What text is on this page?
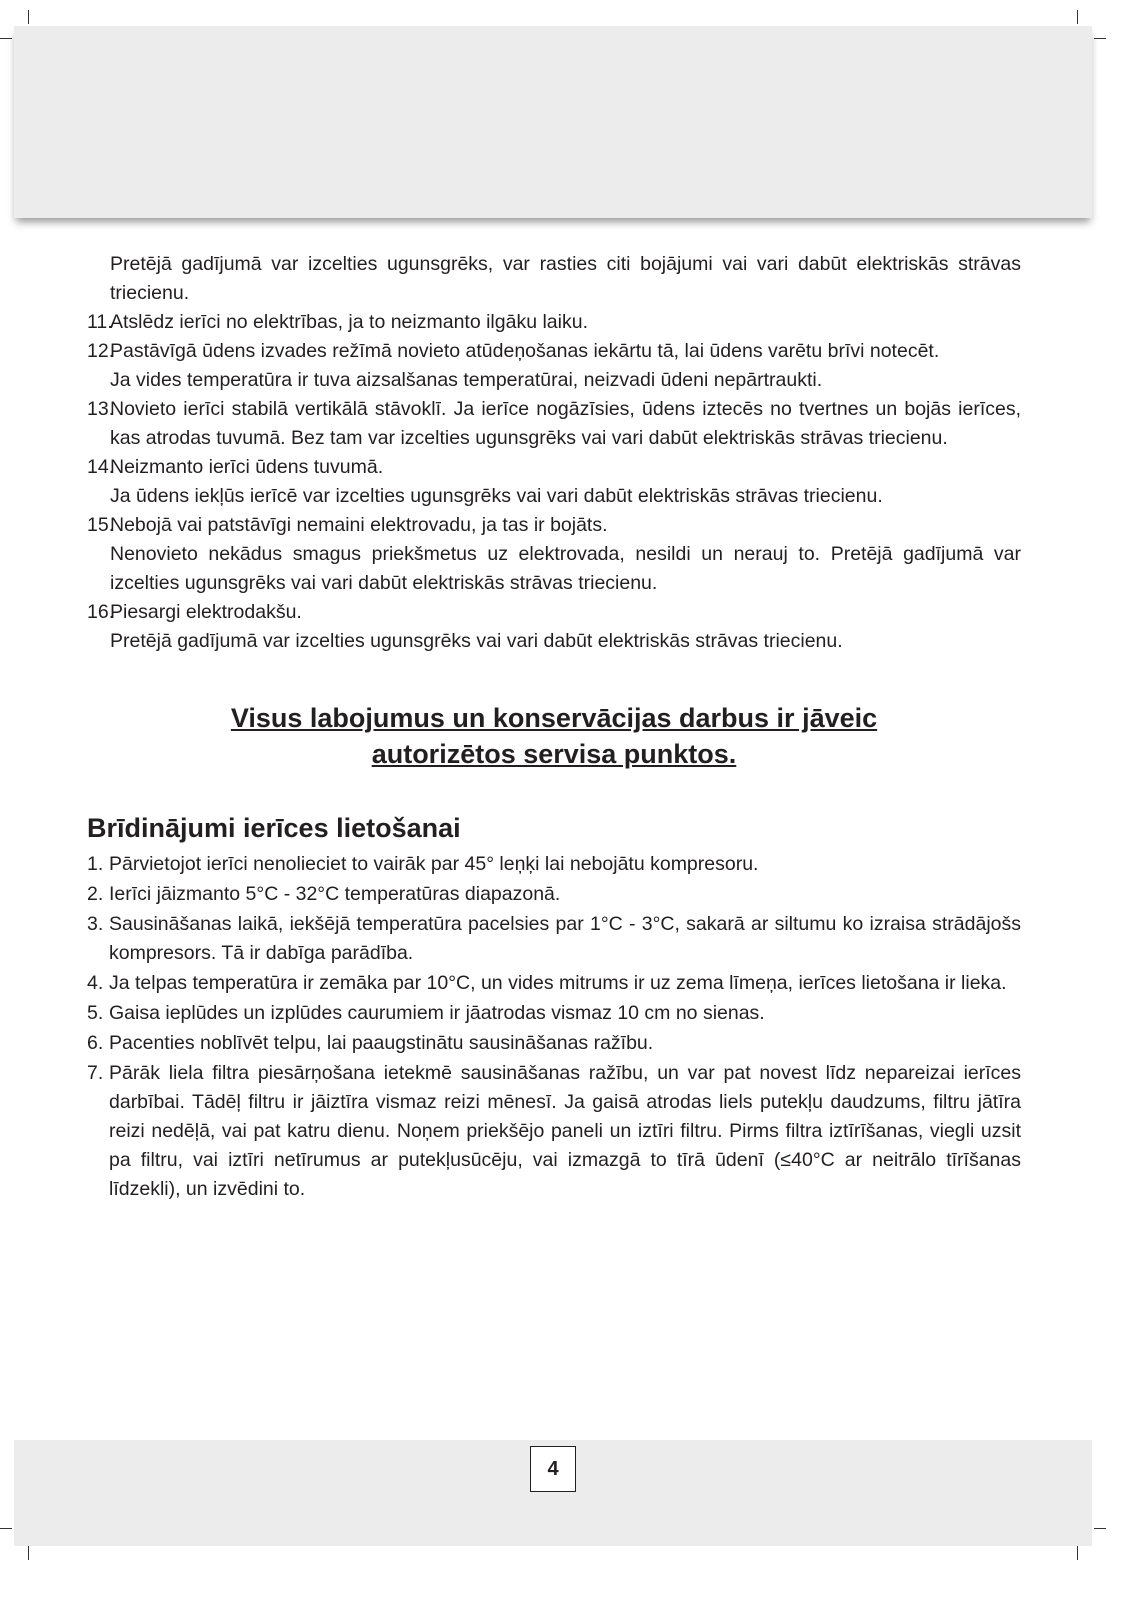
Pretējā gadījumā var izcelties ugunsgrēks, var rasties citi bojājumi vai vari dabūt elektriskās strāvas triecienu.
11.
Atslēdz ierīci no elektrības, ja to neizmanto ilgāku laiku.
12.
Pastāvīgā ūdens izvades režīmā novieto atūdeņošanas iekārtu tā, lai ūdens varētu brīvi notecēt.
Ja vides temperatūra ir tuva aizsalšanas temperatūrai, neizvadi ūdeni nepārtraukti.
13.
Novieto ierīci stabilā vertikālā stāvoklī. Ja ierīce nogāzīsies, ūdens iztecēs no tvertnes un bojās ierīces, kas atrodas tuvumā. Bez tam var izcelties ugunsgrēks vai vari dabūt elektriskās strāvas triecienu.
14.
Neizmanto ierīci ūdens tuvumā.
Ja ūdens iekļūs ierīcē var izcelties ugunsgrēks vai vari dabūt elektriskās strāvas triecienu.
15.
Nebojā vai patstāvīgi nemaini elektrovadu, ja tas ir bojāts.
Nenovieto nekādus smagus priekšmetus uz elektrovada, nesildi un nerauj to. Pretējā gadījumā var izcelties ugunsgrēks vai vari dabūt elektriskās strāvas triecienu.
16.
Piesargi elektrodakšu.
Pretējā gadījumā var izcelties ugunsgrēks vai vari dabūt elektriskās strāvas triecienu.
Visus labojumus un konservācijas darbus ir jāveic
autorizētos servisa punktos.
Brīdinājumi ierīces lietošanai
1. Pārvietojot ierīci nenolieciet to vairāk par 45° leņķi lai nebojātu kompresoru.
2. Ierīci jāizmanto 5°C - 32°C temperatūras diapazonā.
3. Sausināšanas laikā, iekšējā temperatūra pacelsies par 1°C - 3°C, sakarā ar siltumu ko izraisa strādājošs kompresors. Tā ir dabīga parādība.
4. Ja telpas temperatūra ir zemāka par 10°C, un vides mitrums ir uz zema līmeņa, ierīces lietošana ir lieka.
5. Gaisa ieplūdes un izplūdes caurumiem ir jāatrodas vismaz 10 cm no sienas.
6. Pacenties noblīvēt telpu, lai paaugstinātu sausināšanas ražību.
7. Pārāk liela filtra piesārņošana ietekmē sausināšanas ražību, un var pat novest līdz nepareizai ierīces darbībai. Tādēļ filtru ir jāiztīra vismaz reizi mēnesī. Ja gaisā atrodas liels putekļu daudzums, filtru jātīra reizi nedēļā, vai pat katru dienu. Noņem priekšējo paneli un iztīri filtru. Pirms filtra iztīrīšanas, viegli uzsit pa filtru, vai iztīri netīrumus ar putekļusūcēju, vai izmazgā to tīrā ūdenī (≤40°C ar neitrālo tīrīšanas līdzekli), un izvēdini to.
4
